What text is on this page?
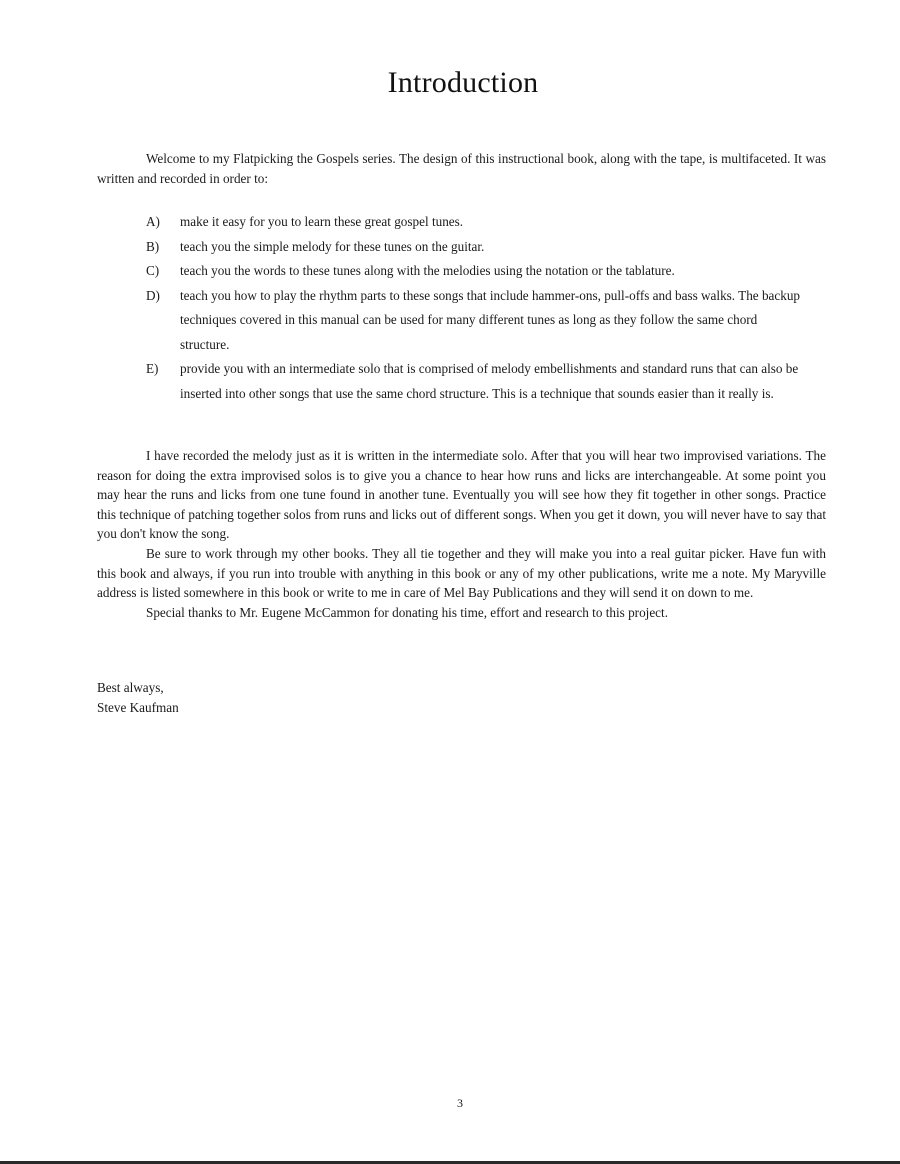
Introduction
Welcome to my Flatpicking the Gospels series. The design of this instructional book, along with the tape, is multifaceted. It was written and recorded in order to:
A)	make it easy for you to learn these great gospel tunes.
B)	teach you the simple melody for these tunes on the guitar.
C)	teach you the words to these tunes along with the melodies using the notation or the tablature.
D)	teach you how to play the rhythm parts to these songs that include hammer-ons, pull-offs and bass walks. The backup techniques covered in this manual can be used for many different tunes as long as they follow the same chord structure.
E)	provide you with an intermediate solo that is comprised of melody embellishments and standard runs that can also be inserted into other songs that use the same chord structure. This is a technique that sounds easier than it really is.

I have recorded the melody just as it is written in the intermediate solo. After that you will hear two improvised variations. The reason for doing the extra improvised solos is to give you a chance to hear how runs and licks are interchangeable. At some point you may hear the runs and licks from one tune found in another tune. Eventually you will see how they fit together in other songs. Practice this technique of patching together solos from runs and licks out of different songs. When you get it down, you will never have to say that you don't know the song.

Be sure to work through my other books. They all tie together and they will make you into a real guitar picker. Have fun with this book and always, if you run into trouble with anything in this book or any of my other publications, write me a note. My Maryville address is listed somewhere in this book or write to me in care of Mel Bay Publications and they will send it on down to me.

Special thanks to Mr. Eugene McCammon for donating his time, effort and research to this project.

Best always,
Steve Kaufman
3
